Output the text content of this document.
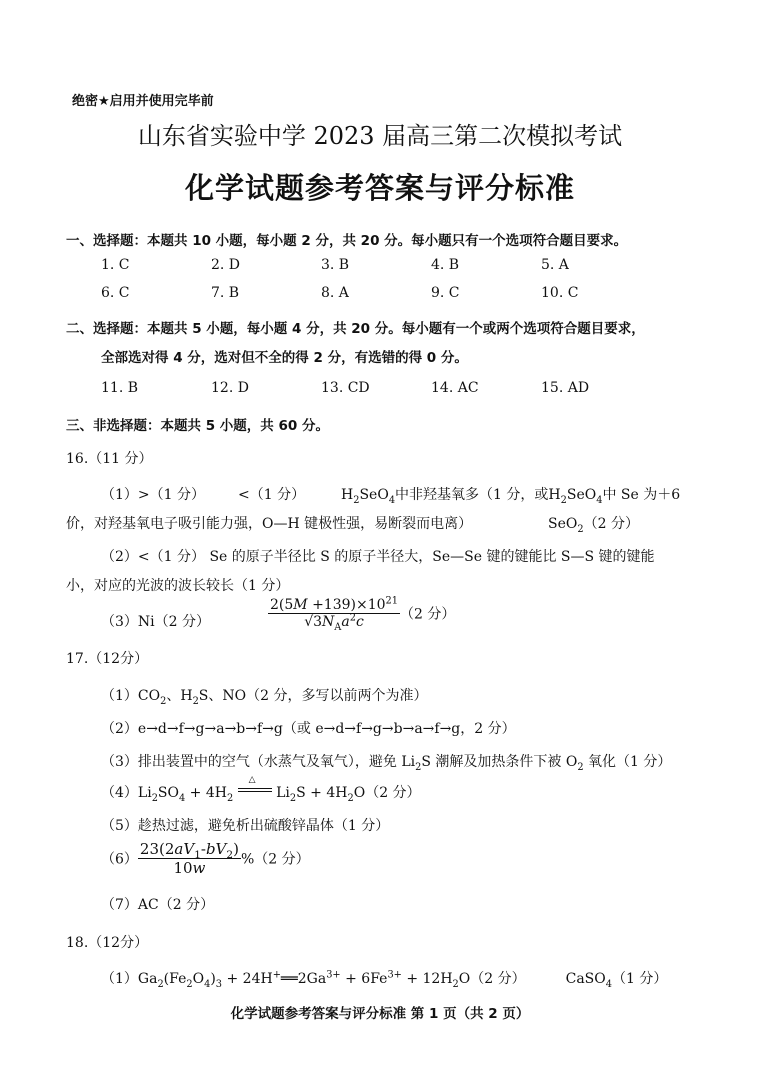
绝密★启用并使用完毕前
山东省实验中学 2023 届高三第二次模拟考试
化学试题参考答案与评分标准
一、选择题：本题共 10 小题，每小题 2 分，共 20 分。每小题只有一个选项符合题目要求。
1. C	2. D	3. B	4. B	5. A
6. C	7. B	8. A	9. C	10. C
二、选择题：本题共 5 小题，每小题 4 分，共 20 分。每小题有一个或两个选项符合题目要求，
全部选对得 4 分，选对但不全的得 2 分，有选错的得 0 分。
11. B	12. D	13. CD	14. AC	15. AD
三、非选择题：本题共 5 小题，共 60 分。
16.（11 分）
（1）>（1 分） <（1 分）	$H_2SeO_4$中非羟基氧多（1 分，或$H_2SeO_4$中 Se 为＋6
价，对羟基氧电子吸引能力强，O—H 键极性强，易断裂而电离）	SeO$_2$（2 分）
（2）<（1 分） Se 的原子半径比 S 的原子半径大，Se—Se 键的键能比 S—S 键的键能
小，对应的光波的波长较长（1 分）
（3）Ni（2 分）	$\frac{2(5M +139)\times 10^{21}}{√3N_Aa^2c} (2$ 分）
17.（12分）
$(1)CO_2$、$H_2S$、NO（2 分，多写以前两个为准）
（2）e→d→f→g→a→b→f→g（或 e→d→f→g→b→a→f→g，2 分）
（3）排出装置中的空气（水蒸气及氧气），避免 $Li_2S$ 潮解及加热条件下被 $O_2$ 氧化（1 分）
$(4)Li_2SO_4 + 4H_2$
△
$Li_2S + 4H_2O(2$ 分）
（5）趁热过滤，避免析出硫酸锌晶体（1 分）
$(6) \frac{23(2aV_1-bV_2)}{10w} \%(2$ 分）
（7）AC（2 分）
18.（12分）
$(1)Ga_2(Fe_2O_4)_3$ + $24H^+══2Ga^{3+} + 6Fe^{3+} + 12H_2O(2$ 分）	CaSO$_4$（1 分）
化学试题参考答案与评分标准 第 1 页（共 2 页）
